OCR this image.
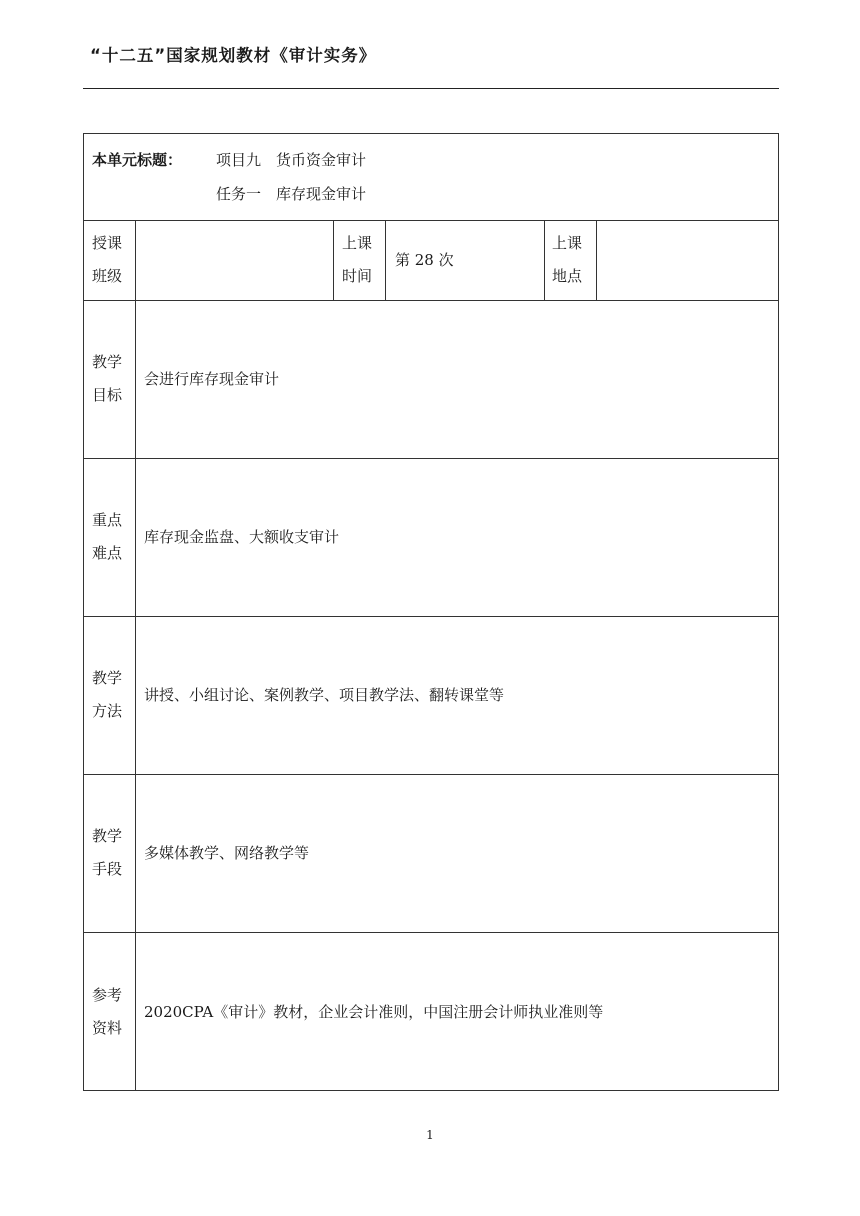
“十二五”国家规划教材《审计实务》
本单元标题： 项目九　货币资金审计
任务一　库存现金审计
授课
班级
上课
时间
第 28 次
上课
地点
教学
目标
会进行库存现金审计
重点
难点
库存现金监盘、大额收支审计
教学
方法
讲授、小组讨论、案例教学、项目教学法、翻转课堂等
教学
手段
多媒体教学、网络教学等
参考
资料
2020CPA《审计》教材，企业会计准则，中国注册会计师执业准则等
1
